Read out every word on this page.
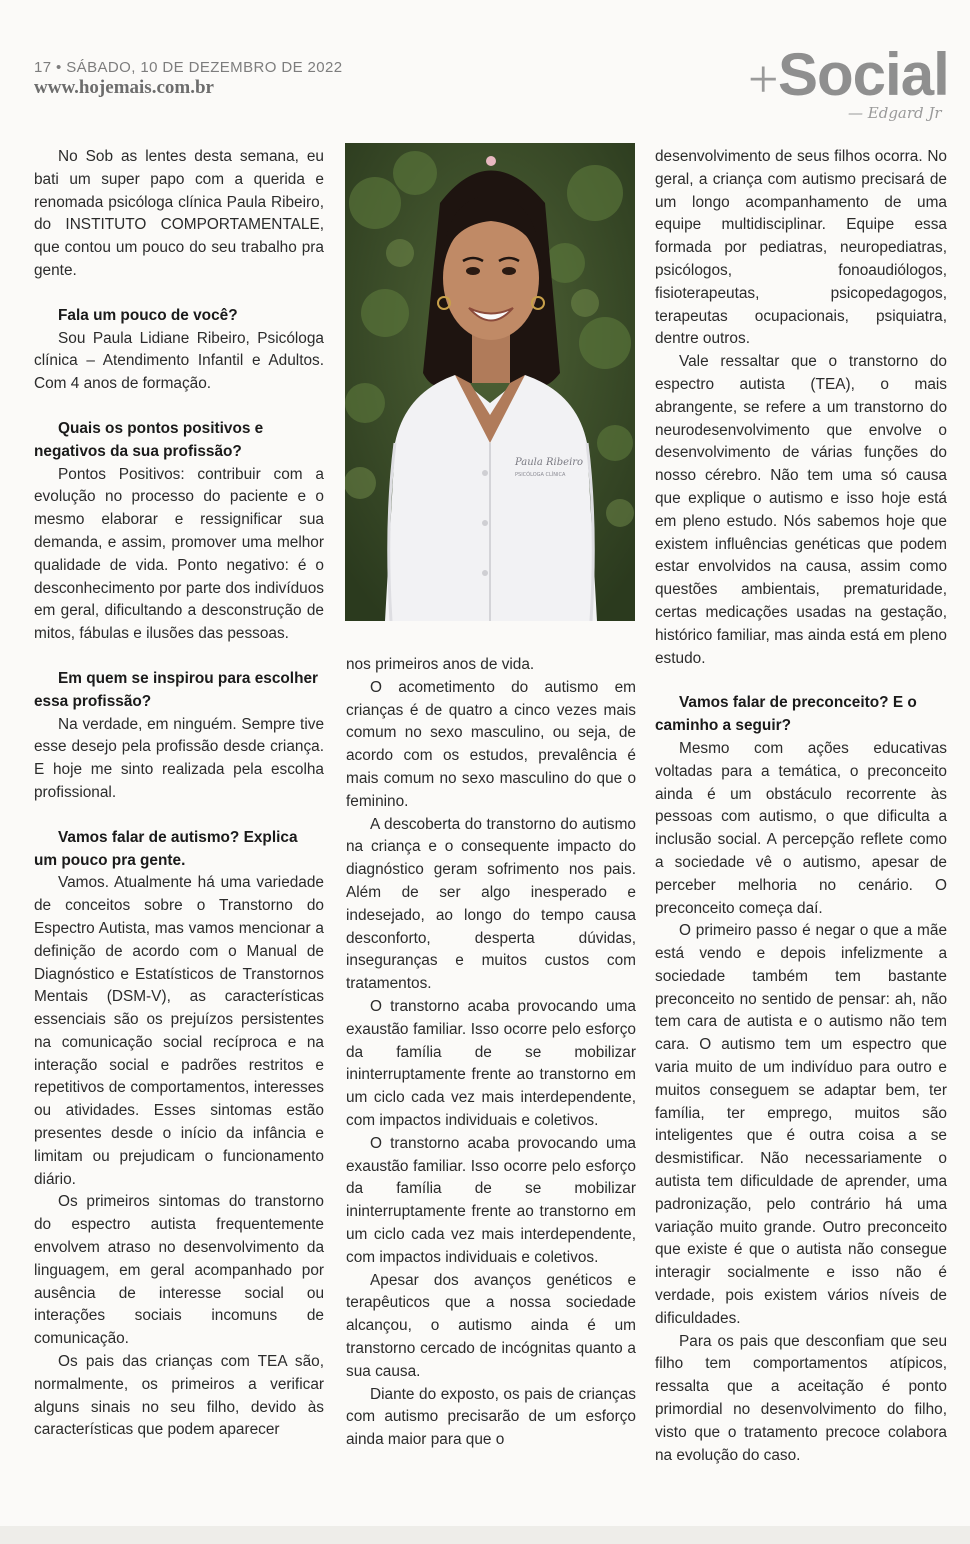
17 • SÁBADO, 10 DE DEZEMBRO DE 2022
www.hojemais.com.br	+ Social
— Edgard Jr

No Sob as lentes desta semana, eu bati um super papo com a querida e renomada psicóloga clínica Paula Ribeiro, do INSTITUTO COMPORTAMENTALE, que contou um pouco do seu trabalho pra gente.

Fala um pouco de você?

Sou Paula Lidiane Ribeiro, Psicóloga clínica – Atendimento Infantil e Adultos. Com 4 anos de formação.

Quais os pontos positivos e negativos da sua profissão?

Pontos Positivos: contribuir com a evolução no processo do paciente e o mesmo elaborar e ressignificar sua demanda, e assim, promover uma melhor qualidade de vida. Ponto negativo: é o desconhecimento por parte dos indivíduos em geral, dificultando a desconstrução de mitos, fábulas e ilusões das pessoas.

Em quem se inspirou para escolher essa profissão?

Na verdade, em ninguém. Sempre tive esse desejo pela profissão desde criança. E hoje me sinto realizada pela escolha profissional.

Vamos falar de autismo? Explica um pouco pra gente.

Vamos. Atualmente há uma variedade de conceitos sobre o Transtorno do Espectro Autista, mas vamos mencionar a definição de acordo com o Manual de Diagnóstico e Estatísticos de Transtornos Mentais (DSM-V), as características essenciais são os prejuízos persistentes na comunicação social recíproca e na interação social e padrões restritos e repetitivos de comportamentos, interesses ou atividades. Esses sintomas estão presentes desde o início da infância e limitam ou prejudicam o funcionamento diário.

Os primeiros sintomas do transtorno do espectro autista frequentemente envolvem atraso no desenvolvimento da linguagem, em geral acompanhado por ausência de interesse social ou interações sociais incomuns de comunicação.

Os pais das crianças com TEA são, normalmente, os primeiros a verificar alguns sinais no seu filho, devido às características que podem aparecer

Paula Ribeiro
PSICÓLOGA CLÍNICA

nos primeiros anos de vida.

O acometimento do autismo em crianças é de quatro a cinco vezes mais comum no sexo masculino, ou seja, de acordo com os estudos, prevalência é mais comum no sexo masculino do que o feminino.

A descoberta do transtorno do autismo na criança e o consequente impacto do diagnóstico geram sofrimento nos pais. Além de ser algo inesperado e indesejado, ao longo do tempo causa desconforto, desperta dúvidas, inseguranças e muitos custos com tratamentos.

O transtorno acaba provocando uma exaustão familiar. Isso ocorre pelo esforço da família de se mobilizar ininterruptamente frente ao transtorno em um ciclo cada vez mais interdependente, com impactos individuais e coletivos.

O transtorno acaba provocando uma exaustão familiar. Isso ocorre pelo esforço da família de se mobilizar ininterruptamente frente ao transtorno em um ciclo cada vez mais interdependente, com impactos individuais e coletivos.

Apesar dos avanços genéticos e terapêuticos que a nossa sociedade alcançou, o autismo ainda é um transtorno cercado de incógnitas quanto a sua causa.

Diante do exposto, os pais de crianças com autismo precisarão de um esforço ainda maior para que o

desenvolvimento de seus filhos ocorra. No geral, a criança com autismo precisará de um longo acompanhamento de uma equipe multidisciplinar. Equipe essa formada por pediatras, neuropediatras, psicólogos, fonoaudiólogos, fisioterapeutas, psicopedagogos, terapeutas ocupacionais, psiquiatra, dentre outros.

Vale ressaltar que o transtorno do espectro autista (TEA), o mais abrangente, se refere a um transtorno do neurodesenvolvimento que envolve o desenvolvimento de várias funções do nosso cérebro. Não tem uma só causa que explique o autismo e isso hoje está em pleno estudo. Nós sabemos hoje que existem influências genéticas que podem estar envolvidos na causa, assim como questões ambientais, prematuridade, certas medicações usadas na gestação, histórico familiar, mas ainda está em pleno estudo.

Vamos falar de preconceito? E o caminho a seguir?

Mesmo com ações educativas voltadas para a temática, o preconceito ainda é um obstáculo recorrente às pessoas com autismo, o que dificulta a inclusão social. A percepção reflete como a sociedade vê o autismo, apesar de perceber melhoria no cenário. O preconceito começa daí.

O primeiro passo é negar o que a mãe está vendo e depois infelizmente a sociedade também tem bastante preconceito no sentido de pensar: ah, não tem cara de autista e o autismo não tem cara. O autismo tem um espectro que varia muito de um indivíduo para outro e muitos conseguem se adaptar bem, ter família, ter emprego, muitos são inteligentes que é outra coisa a se desmistificar. Não necessariamente o autista tem dificuldade de aprender, uma padronização, pelo contrário há uma variação muito grande. Outro preconceito que existe é que o autista não consegue interagir socialmente e isso não é verdade, pois existem vários níveis de dificuldades.

Para os pais que desconfiam que seu filho tem comportamentos atípicos, ressalta que a aceitação é ponto primordial no desenvolvimento do filho, visto que o tratamento precoce colabora na evolução do caso.
